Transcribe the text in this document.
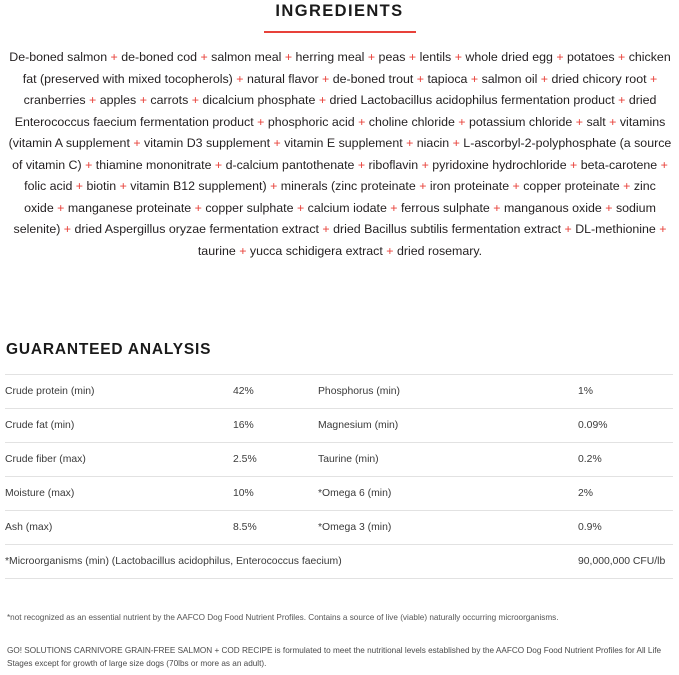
INGREDIENTS
De-boned salmon + de-boned cod + salmon meal + herring meal + peas + lentils + whole dried egg + potatoes + chicken fat (preserved with mixed tocopherols) + natural flavor + de-boned trout + tapioca + salmon oil + dried chicory root + cranberries + apples + carrots + dicalcium phosphate + dried Lactobacillus acidophilus fermentation product + dried Enterococcus faecium fermentation product + phosphoric acid + choline chloride + potassium chloride + salt + vitamins (vitamin A supplement + vitamin D3 supplement + vitamin E supplement + niacin + L-ascorbyl-2-polyphosphate (a source of vitamin C) + thiamine mononitrate + d-calcium pantothenate + riboflavin + pyridoxine hydrochloride + beta-carotene + folic acid + biotin + vitamin B12 supplement) + minerals (zinc proteinate + iron proteinate + copper proteinate + zinc oxide + manganese proteinate + copper sulphate + calcium iodate + ferrous sulphate + manganous oxide + sodium selenite) + dried Aspergillus oryzae fermentation extract + dried Bacillus subtilis fermentation extract + DL-methionine + taurine + yucca schidigera extract + dried rosemary.
GUARANTEED ANALYSIS
Crude protein (min)	42%	Phosphorus (min)	1%
Crude fat (min)	16%	Magnesium (min)	0.09%
Crude fiber (max)	2.5%	Taurine (min)	0.2%
Moisture (max)	10%	*Omega 6 (min)	2%
Ash (max)	8.5%	*Omega 3 (min)	0.9%
*Microorganisms (min) (Lactobacillus acidophilus, Enterococcus faecium)			90,000,000 CFU/lb
*not recognized as an essential nutrient by the AAFCO Dog Food Nutrient Profiles. Contains a source of live (viable) naturally occurring microorganisms.
GO! SOLUTIONS CARNIVORE GRAIN-FREE SALMON + COD RECIPE is formulated to meet the nutritional levels established by the AAFCO Dog Food Nutrient Profiles for All Life Stages except for growth of large size dogs (70lbs or more as an adult).
